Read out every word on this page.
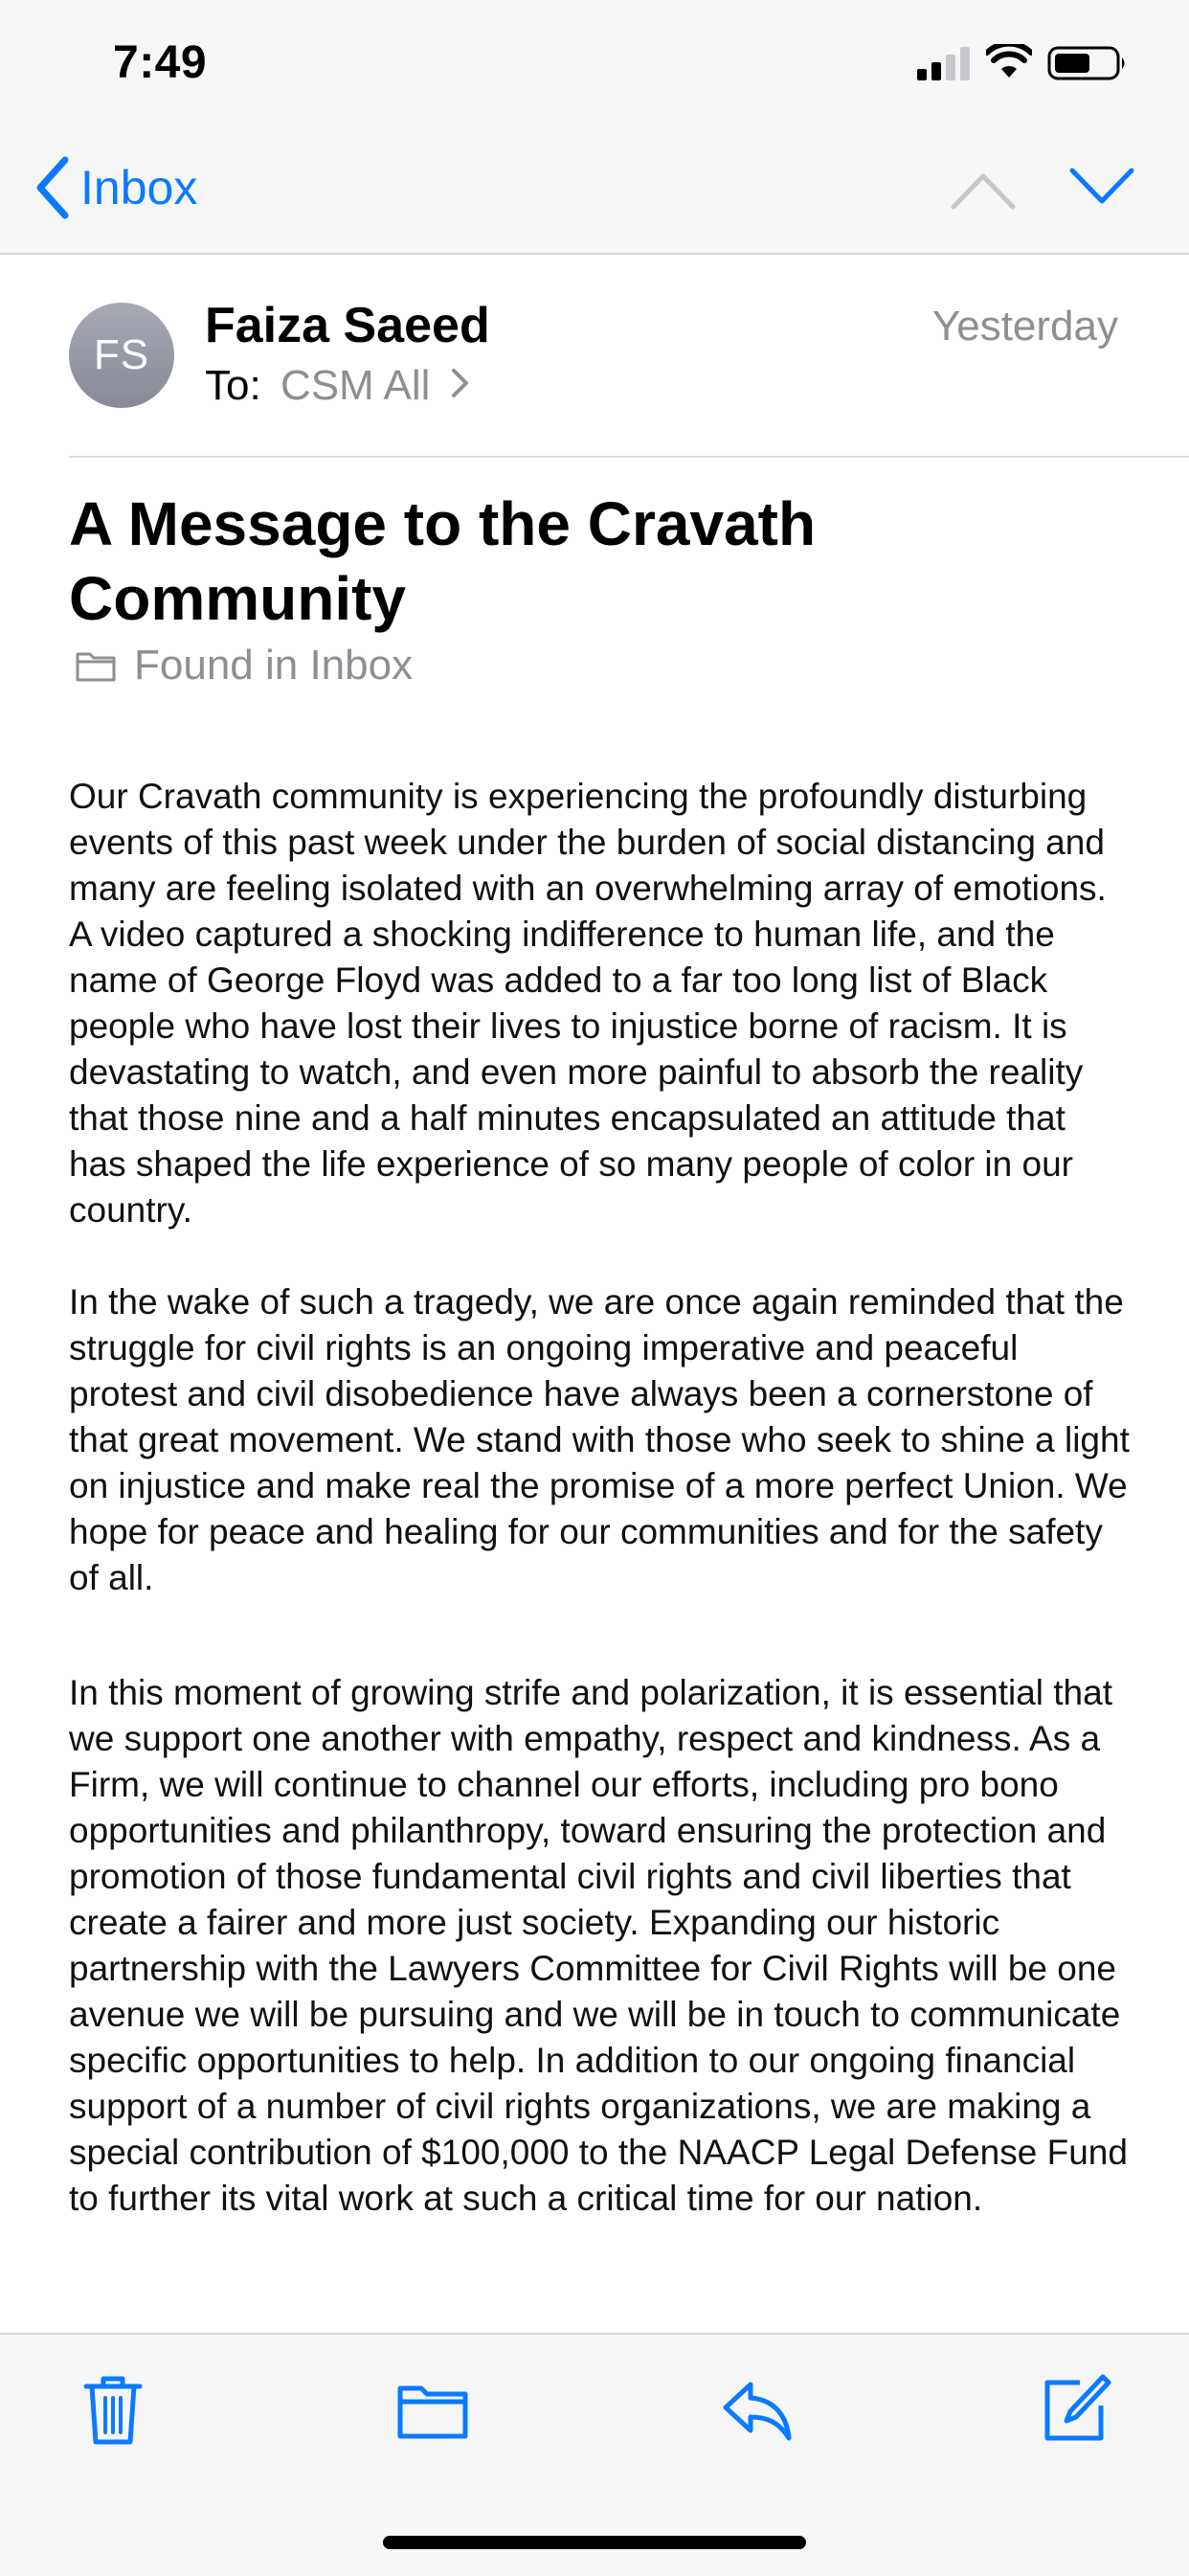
7:49
Inbox
FS
Faiza Saeed
To: CSM All
Yesterday
A Message to the Cravath Community
Found in Inbox

Our Cravath community is experiencing the profoundly disturbing events of this past week under the burden of social distancing and many are feeling isolated with an overwhelming array of emotions. A video captured a shocking indifference to human life, and the name of George Floyd was added to a far too long list of Black people who have lost their lives to injustice borne of racism. It is devastating to watch, and even more painful to absorb the reality that those nine and a half minutes encapsulated an attitude that has shaped the life experience of so many people of color in our country.

In the wake of such a tragedy, we are once again reminded that the struggle for civil rights is an ongoing imperative and peaceful protest and civil disobedience have always been a cornerstone of that great movement. We stand with those who seek to shine a light on injustice and make real the promise of a more perfect Union. We hope for peace and healing for our communities and for the safety of all.

In this moment of growing strife and polarization, it is essential that we support one another with empathy, respect and kindness. As a Firm, we will continue to channel our efforts, including pro bono opportunities and philanthropy, toward ensuring the protection and promotion of those fundamental civil rights and civil liberties that create a fairer and more just society. Expanding our historic partnership with the Lawyers Committee for Civil Rights will be one avenue we will be pursuing and we will be in touch to communicate specific opportunities to help. In addition to our ongoing financial support of a number of civil rights organizations, we are making a special contribution of $100,000 to the NAACP Legal Defense Fund to further its vital work at such a critical time for our nation.
